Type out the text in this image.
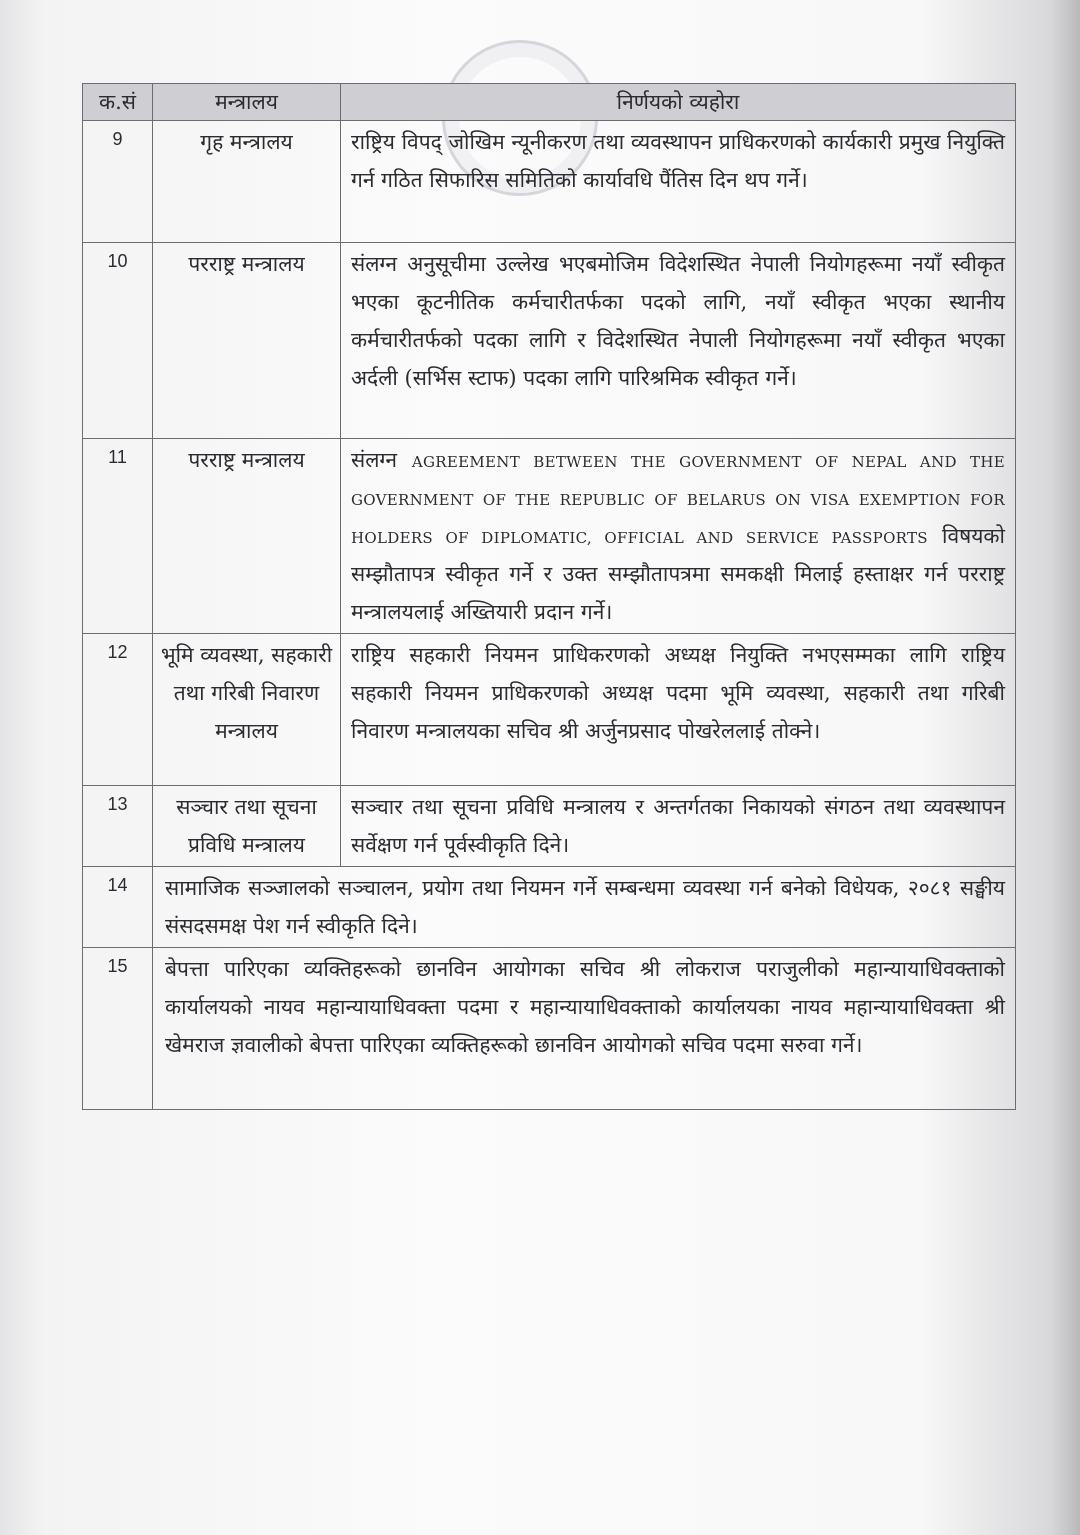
क.सं	मन्त्रालय	निर्णयको व्यहोरा
9	गृह मन्त्रालय	राष्ट्रिय विपद् जोखिम न्यूनीकरण तथा व्यवस्थापन प्राधिकरणको कार्यकारी प्रमुख नियुक्ति गर्न गठित सिफारिस समितिको कार्यावधि पैंतिस दिन थप गर्ने।
10	परराष्ट्र मन्त्रालय	संलग्न अनुसूचीमा उल्लेख भएबमोजिम विदेशस्थित नेपाली नियोगहरूमा नयाँ स्वीकृत भएका कूटनीतिक कर्मचारीतर्फका पदको लागि, नयाँ स्वीकृत भएका स्थानीय कर्मचारीतर्फको पदका लागि र विदेशस्थित नेपाली नियोगहरूमा नयाँ स्वीकृत भएका अर्दली (सर्भिस स्टाफ) पदका लागि पारिश्रमिक स्वीकृत गर्ने।
11	परराष्ट्र मन्त्रालय	संलग्न AGREEMENT BETWEEN THE GOVERNMENT OF NEPAL AND THE GOVERNMENT OF THE REPUBLIC OF BELARUS ON VISA EXEMPTION FOR HOLDERS OF DIPLOMATIC, OFFICIAL AND SERVICE PASSPORTS विषयको सम्झौतापत्र स्वीकृत गर्ने र उक्त सम्झौतापत्रमा समकक्षी मिलाई हस्ताक्षर गर्न परराष्ट्र मन्त्रालयलाई अख्तियारी प्रदान गर्ने।
12	भूमि व्यवस्था, सहकारी तथा गरिबी निवारण मन्त्रालय	राष्ट्रिय सहकारी नियमन प्राधिकरणको अध्यक्ष नियुक्ति नभएसम्मका लागि राष्ट्रिय सहकारी नियमन प्राधिकरणको अध्यक्ष पदमा भूमि व्यवस्था, सहकारी तथा गरिबी निवारण मन्त्रालयका सचिव श्री अर्जुनप्रसाद पोखरेललाई तोक्ने।
13	सञ्चार तथा सूचना प्रविधि मन्त्रालय	सञ्चार तथा सूचना प्रविधि मन्त्रालय र अन्तर्गतका निकायको संगठन तथा व्यवस्थापन सर्वेक्षण गर्न पूर्वस्वीकृति दिने।
14	सामाजिक सञ्जालको सञ्चालन, प्रयोग तथा नियमन गर्ने सम्बन्धमा व्यवस्था गर्न बनेको विधेयक, २०८१ सङ्घीय संसदसमक्ष पेश गर्न स्वीकृति दिने।	
15	बेपत्ता पारिएका व्यक्तिहरूको छानविन आयोगका सचिव श्री लोकराज पराजुलीको महान्यायाधिवक्ताको कार्यालयको नायव महान्यायाधिवक्ता पदमा र महान्यायाधिवक्ताको कार्यालयका नायव महान्यायाधिवक्ता श्री खेमराज ज्ञवालीको बेपत्ता पारिएका व्यक्तिहरूको छानविन आयोगको सचिव पदमा सरुवा गर्ने।	
